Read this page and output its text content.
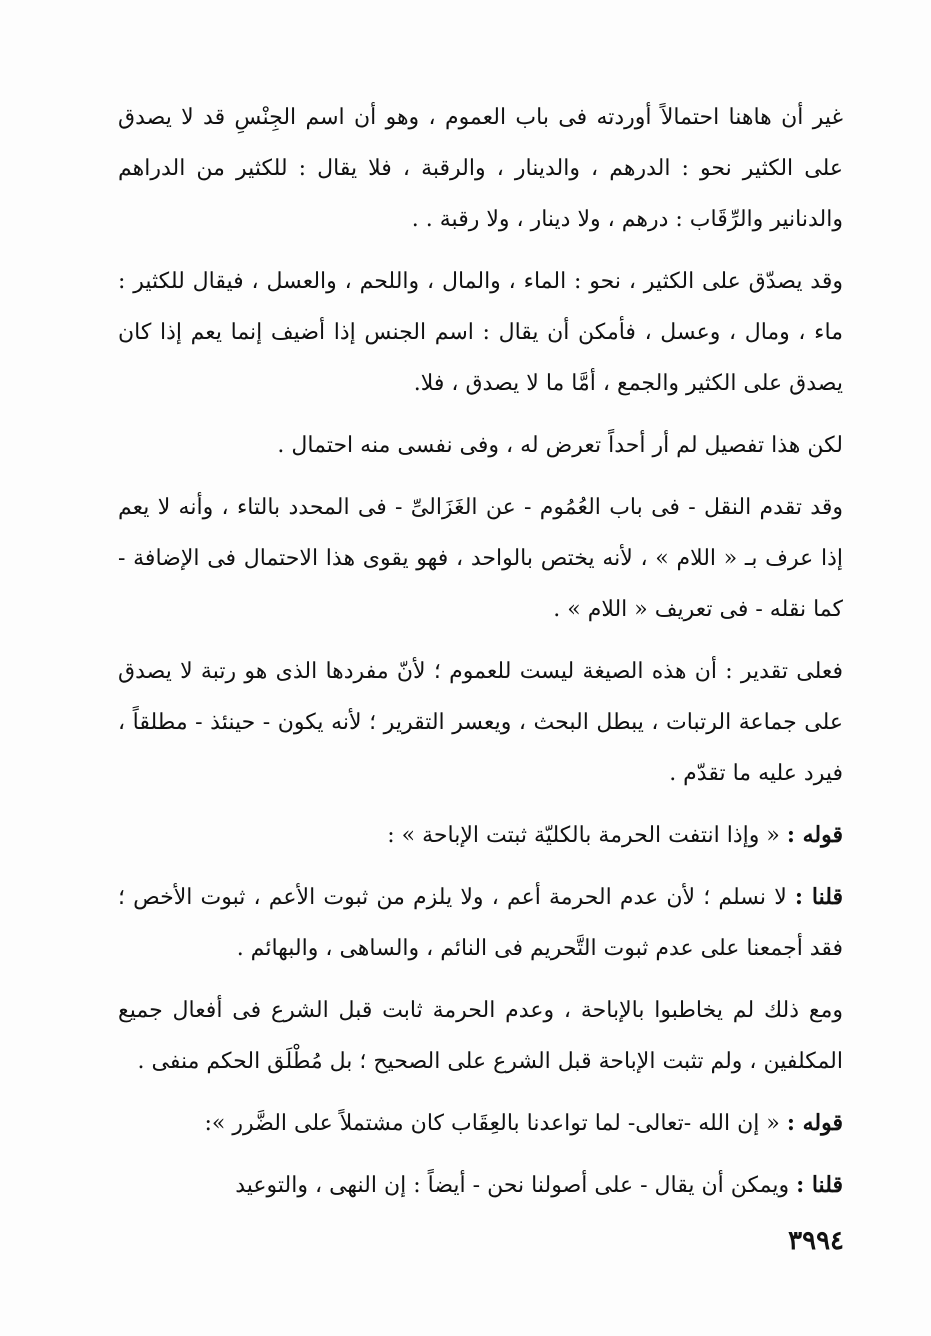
غير أن هاهنا احتمالاً أوردته فى باب العموم ، وهو أن اسم الجِنْسِ قد لا يصدق على الكثير نحو : الدرهم ، والدينار ، والرقبة ، فلا يقال : للكثير من الدراهم والدنانير والرِّقَاب : درهم ، ولا دينار ، ولا رقبة . .

وقد يصدّق على الكثير ، نحو : الماء ، والمال ، واللحم ، والعسل ، فيقال للكثير : ماء ، ومال ، وعسل ، فأمكن أن يقال : اسم الجنس إذا أضيف إنما يعم إذا كان يصدق على الكثير والجمع ، أمَّا ما لا يصدق ، فلا.

لكن هذا تفصيل لم أر أحداً تعرض له ، وفى نفسى منه احتمال .

وقد تقدم النقل - فى باب العُمُوم - عن الغَزَالىِّ - فى المحدد بالتاء ، وأنه لا يعم إذا عرف بـ « اللام » ، لأنه يختص بالواحد ، فهو يقوى هذا الاحتمال فى الإضافة - كما نقله - فى تعريف « اللام » .

فعلى تقدير : أن هذه الصيغة ليست للعموم ؛ لأنّ مفردها الذى هو رتبة لا يصدق على جماعة الرتبات ، يبطل البحث ، ويعسر التقرير ؛ لأنه يكون - حينئذ - مطلقاً ، فيرد عليه ما تقدّم .

قوله : « وإذا انتفت الحرمة بالكليّة ثبتت الإباحة » :

قلنا : لا نسلم ؛ لأن عدم الحرمة أعم ، ولا يلزم من ثبوت الأعم ، ثبوت الأخص ؛ فقد أجمعنا على عدم ثبوت التَّحريم فى النائم ، والساهى ، والبهائم .

ومع ذلك لم يخاطبوا بالإباحة ، وعدم الحرمة ثابت قبل الشرع فى أفعال جميع المكلفين ، ولم تثبت الإباحة قبل الشرع على الصحيح ؛ بل مُطْلَق الحكم منفى .

قوله : « إن الله -تعالى- لما تواعدنا بالعِقَاب كان مشتملاً على الضَّرر »:

قلنا : ويمكن أن يقال - على أصولنا نحن - أيضاً : إن النهى ، والتوعيد

٣٩٩٤
